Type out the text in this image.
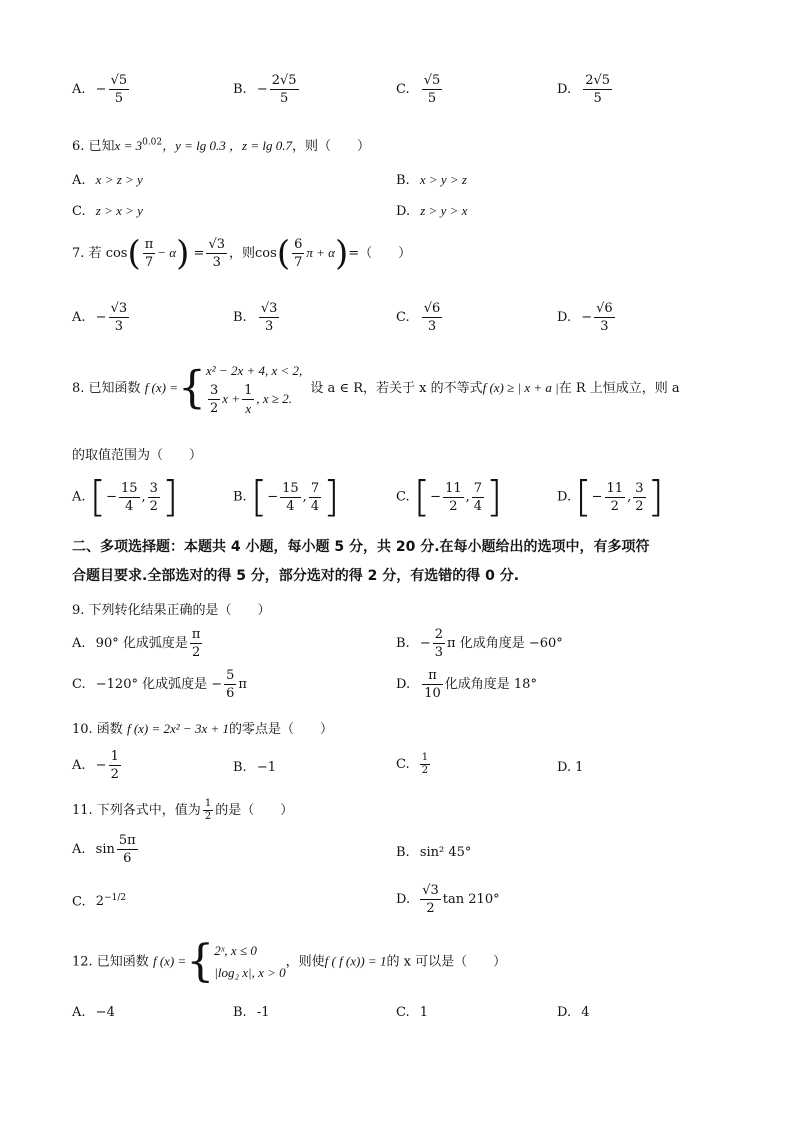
A. − $\frac{√5}{5}$	B. − $\frac{2√5}{5}$	C. $\frac{√5}{5}$	D. $\frac{2√5}{5}$
6. 已知$x = 3^{0.02}$，y = lg 0.3 ，z = lg 0.7，则（　　）
A. x > z > y	B. x > y > z
C. z > x > y	D. z > y > x
7. 若 $\cos( \frac{\pi}{7} - \alpha) = \frac{√3}{3}$ ，则$\cos( \frac{6}{7}$ π + α)=（　　）
A. − $\frac{√3}{3}$	B. $\frac{√3}{3}$	C. $\frac{√6}{3}$	D. − $\frac{√6}{3}$
8. 已知函数 f (x) ={ x² − 2x + 4, x < 2,
$\frac{3}{2}$ $x + \frac{1}{x}$ , x ≥ 2.
设 a ∈ R，若关于 x 的不等式f (x) ≥ | x + a |在 R 上恒成立，则 a
的取值范围为（　　）
A. [− $\frac{15}{4}$ , $\frac{3}{2}$ ]	B. [− $\frac{15}{4}$ , $\frac{7}{4}$ ]	C. [− $\frac{11}{2}$ , $\frac{7}{4}$ ]	D. [− $\frac{11}{2}$ , $\frac{3}{2}$ ]
二、多项选择题：本题共 4 小题，每小题 5 分，共 20 分.在每小题给出的选项中，有多项符
合题目要求.全部选对的得 5 分，部分选对的得 2 分，有选错的得 0 分.
9. 下列转化结果正确的是（　　）
A. 90° 化成弧度是 $\frac{\pi}{2}$	B. − $\frac{2}{3}$ π 化成角度是 −60°
C. −120° 化成弧度是 − $\frac{5}{6}$ π	D. $\frac{\pi}{10}$ 化成角度是 18°
10. 函数 f (x) = 2x² − 3x + 1的零点是（　　）
A. − $\frac{1}{2}$	B. −1	C. $\frac{1}{2}$	D. 1
11. 下列各式中，值为 $\frac{1}{2}$ 的是（　　）
A. $\sin \frac{5\pi}{6}$	B. sin² 45°
C. $2^{-1/2}$	D. $\frac{√3}{2}$ tan 210°
12. 已知函数 f (x) ={ 2ˣ, x ≤ 0
|log₂ x|, x > 0
，则使f ( f (x)) = 1的 x 可以是（　　）
A. −4	B. -1	C. 1	D. 4
